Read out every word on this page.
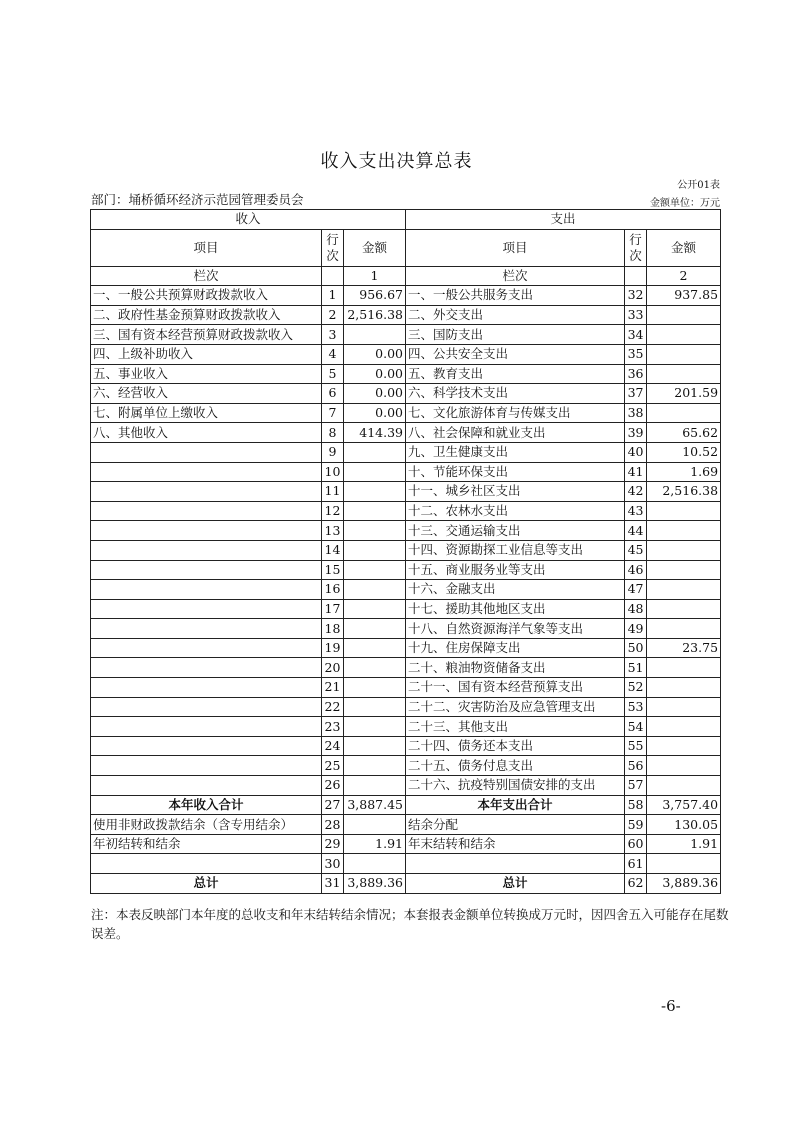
收入支出决算总表
公开01表
部门：埇桥循环经济示范园管理委员会	金额单位：万元
收入			支出		
项目	行次	金额	项目	行次	金额
栏次		1	栏次		2
一、一般公共预算财政拨款收入	1	956.67	一、一般公共服务支出	32	937.85
二、政府性基金预算财政拨款收入	2	2,516.38	二、外交支出	33	
三、国有资本经营预算财政拨款收入	3		三、国防支出	34	
四、上级补助收入	4	0.00	四、公共安全支出	35	
五、事业收入	5	0.00	五、教育支出	36	
六、经营收入	6	0.00	六、科学技术支出	37	201.59
七、附属单位上缴收入	7	0.00	七、文化旅游体育与传媒支出	38	
八、其他收入	8	414.39	八、社会保障和就业支出	39	65.62
	9		九、卫生健康支出	40	10.52
	10		十、节能环保支出	41	1.69
	11		十一、城乡社区支出	42	2,516.38
	12		十二、农林水支出	43	
	13		十三、交通运输支出	44	
	14		十四、资源勘探工业信息等支出	45	
	15		十五、商业服务业等支出	46	
	16		十六、金融支出	47	
	17		十七、援助其他地区支出	48	
	18		十八、自然资源海洋气象等支出	49	
	19		十九、住房保障支出	50	23.75
	20		二十、粮油物资储备支出	51	
	21		二十一、国有资本经营预算支出	52	
	22		二十二、灾害防治及应急管理支出	53	
	23		二十三、其他支出	54	
	24		二十四、债务还本支出	55	
	25		二十五、债务付息支出	56	
	26		二十六、抗疫特别国债安排的支出	57	
本年收入合计	27	3,887.45	本年支出合计	58	3,757.40
使用非财政拨款结余（含专用结余）	28		结余分配	59	130.05
年初结转和结余	29	1.91	年末结转和结余	60	1.91
	30			61	
总计	31	3,889.36	总计	62	3,889.36
注：本表反映部门本年度的总收支和年末结转结余情况；本套报表金额单位转换成万元时，因四舍五入可能存在尾数误差。
-6-
